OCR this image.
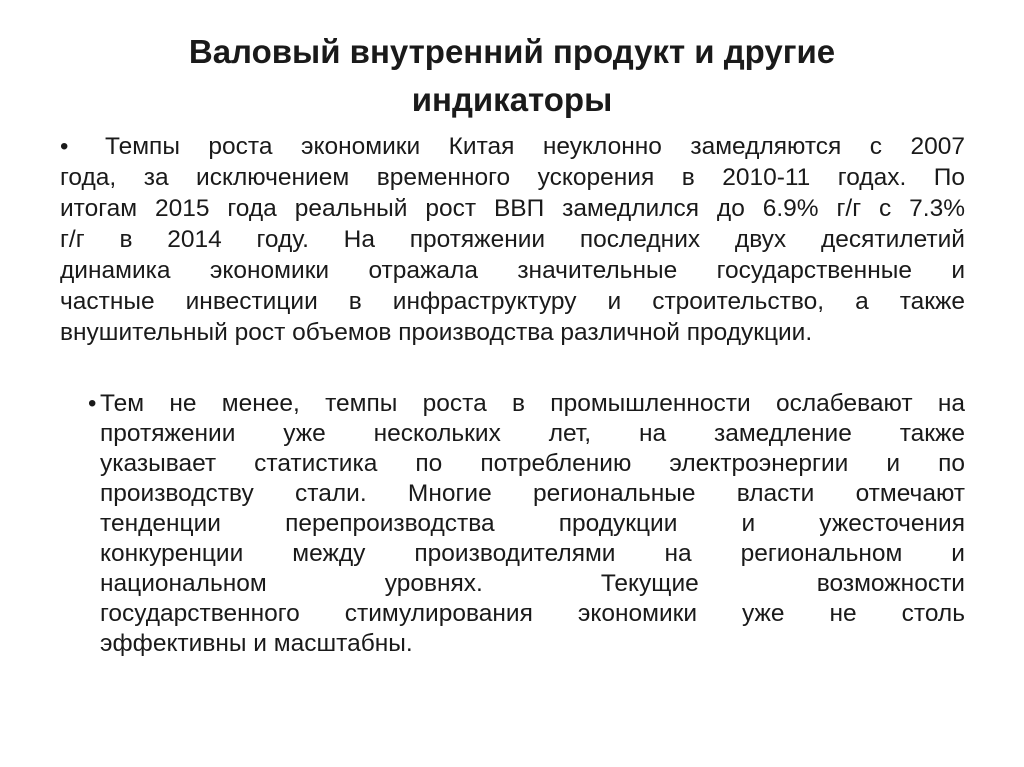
Валовый внутренний продукт и другие
индикаторы
•	Темпы роста экономики Китая неуклонно замедляются с 2007
года, за исключением временного ускорения в 2010-11 годах. По
итогам 2015 года реальный рост ВВП замедлился до 6.9% г/г с 7.3%
г/г в 2014 году. На протяжении последних двух десятилетий
динамика экономики отражала значительные государственные и
частные инвестиции в инфраструктуру и строительство, а также
внушительный рост объемов производства различной продукции.
• Тем не менее, темпы роста в промышленности ослабевают на
протяжении уже нескольких лет, на замедление также
указывает статистика по потреблению электроэнергии и по
производству стали. Многие региональные власти отмечают
тенденции перепроизводства продукции и ужесточения
конкуренции между производителями на региональном и
национальном уровнях. Текущие возможности
государственного стимулирования экономики уже не столь
эффективны и масштабны.
